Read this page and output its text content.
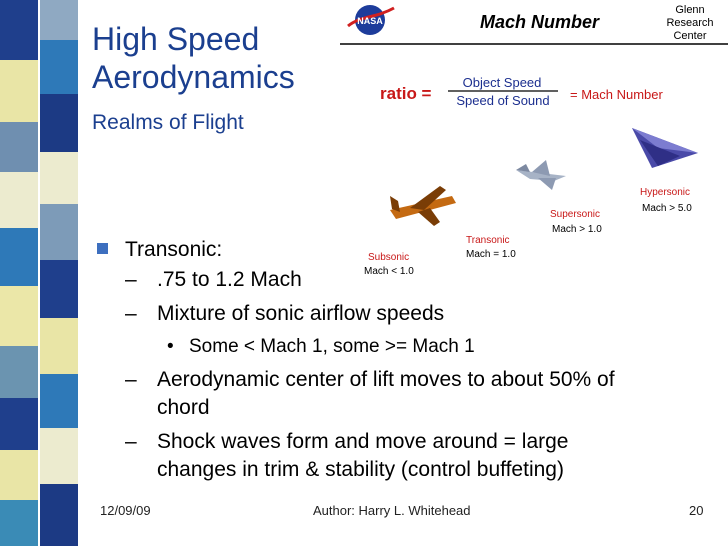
High Speed
Aerodynamics
Realms of Flight
NASA	Mach Number
Glenn
Research
Center
ratio =
Object Speed
Speed of Sound = Mach Number
Hypersonic
Mach > 5.0
Supersonic
Mach > 1.0
Transonic
Mach = 1.0
Subsonic
Mach < 1.0
Transonic:
– .75 to 1.2 Mach
– Mixture of sonic airflow speeds
• Some < Mach 1, some >= Mach 1
– Aerodynamic center of lift moves to about 50% of
chord
– Shock waves form and move around = large
changes in trim & stability (control buffeting)
12/09/09	Author: Harry L. Whitehead	20
